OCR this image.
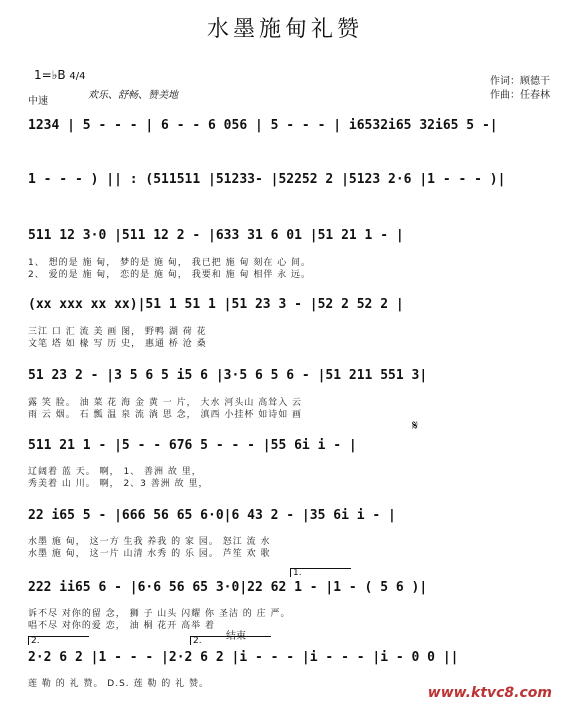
水墨施甸礼赞
1=♭B 4/4
中速
欢乐、舒畅、赞美地
作词：顾德干
作曲：任春林
1234 | 5 - - - | 6 - - 6 056 | 5 - - - | i6532i65 32i65 5 -|
1 - - - ) || : (511511 |51233- |52252 2 |5123 2·6 |1 - - - )|
511 12 3·0 |511 12 2 - |633 31 6 01 |51 21 1 - |
1、 想的是 施 甸， 梦的是 施 甸， 我已把 施 甸 刻在 心 间。
2、 爱的是 施 甸， 恋的是 施 甸， 我要和 施 甸 相伴 永 远。
(xx xxx xx xx)|51 1 51 1 |51 23 3 - |52 2 52 2 |
三江 口 汇 流 美 画 图， 野鸭 湖 荷 花
文笔 塔 如 椽 写 历 史， 惠通 桥 沧 桑
51 23 2 - |3 5 6 5 i5 6 |3·5 6 5 6 - |51 211 551 3|
露 笑 脸。 油 菜 花 海 金 黄 一 片， 大水 河头山 高耸入 云
雨 云 烟。 石 瓢 温 泉 流 淌 思 念， 滇西 小挂杯 如诗如 画
𝄋
511 21 1 - |5 - - 676 5 - - - |55 6i i - |
辽阔着 蓝 天。 啊， 1、 善洲 故 里，
秀美着 山 川。 啊， 2、3 善洲 故 里，
22 i65 5 - |666 56 65 6·0|6 43 2 - |35 6i i - |
水墨 施 甸， 这一方 生我 养我 的 家 园。 怒江 流 水
水墨 施 甸， 这一片 山清 水秀 的 乐 园。 芦笙 欢 歌
1.
222 ii65 6 - |6·6 56 65 3·0|22 62 1 - |1 - ( 5 6 )|
诉不尽 对你的留 念， 狮 子 山头 闪耀 你 圣洁 的 庄 严。
唱不尽 对你的爱 恋， 油 桐 花开 高举 着
2.	2. 结束
2·2 6 2 |1 - - - |2·2 6 2 |i - - - |i - - - |i - 0 0 ||
莲 勒 的 礼 赞。 D.S. 莲 勒 的 礼 赞。
www.ktvc8.com
